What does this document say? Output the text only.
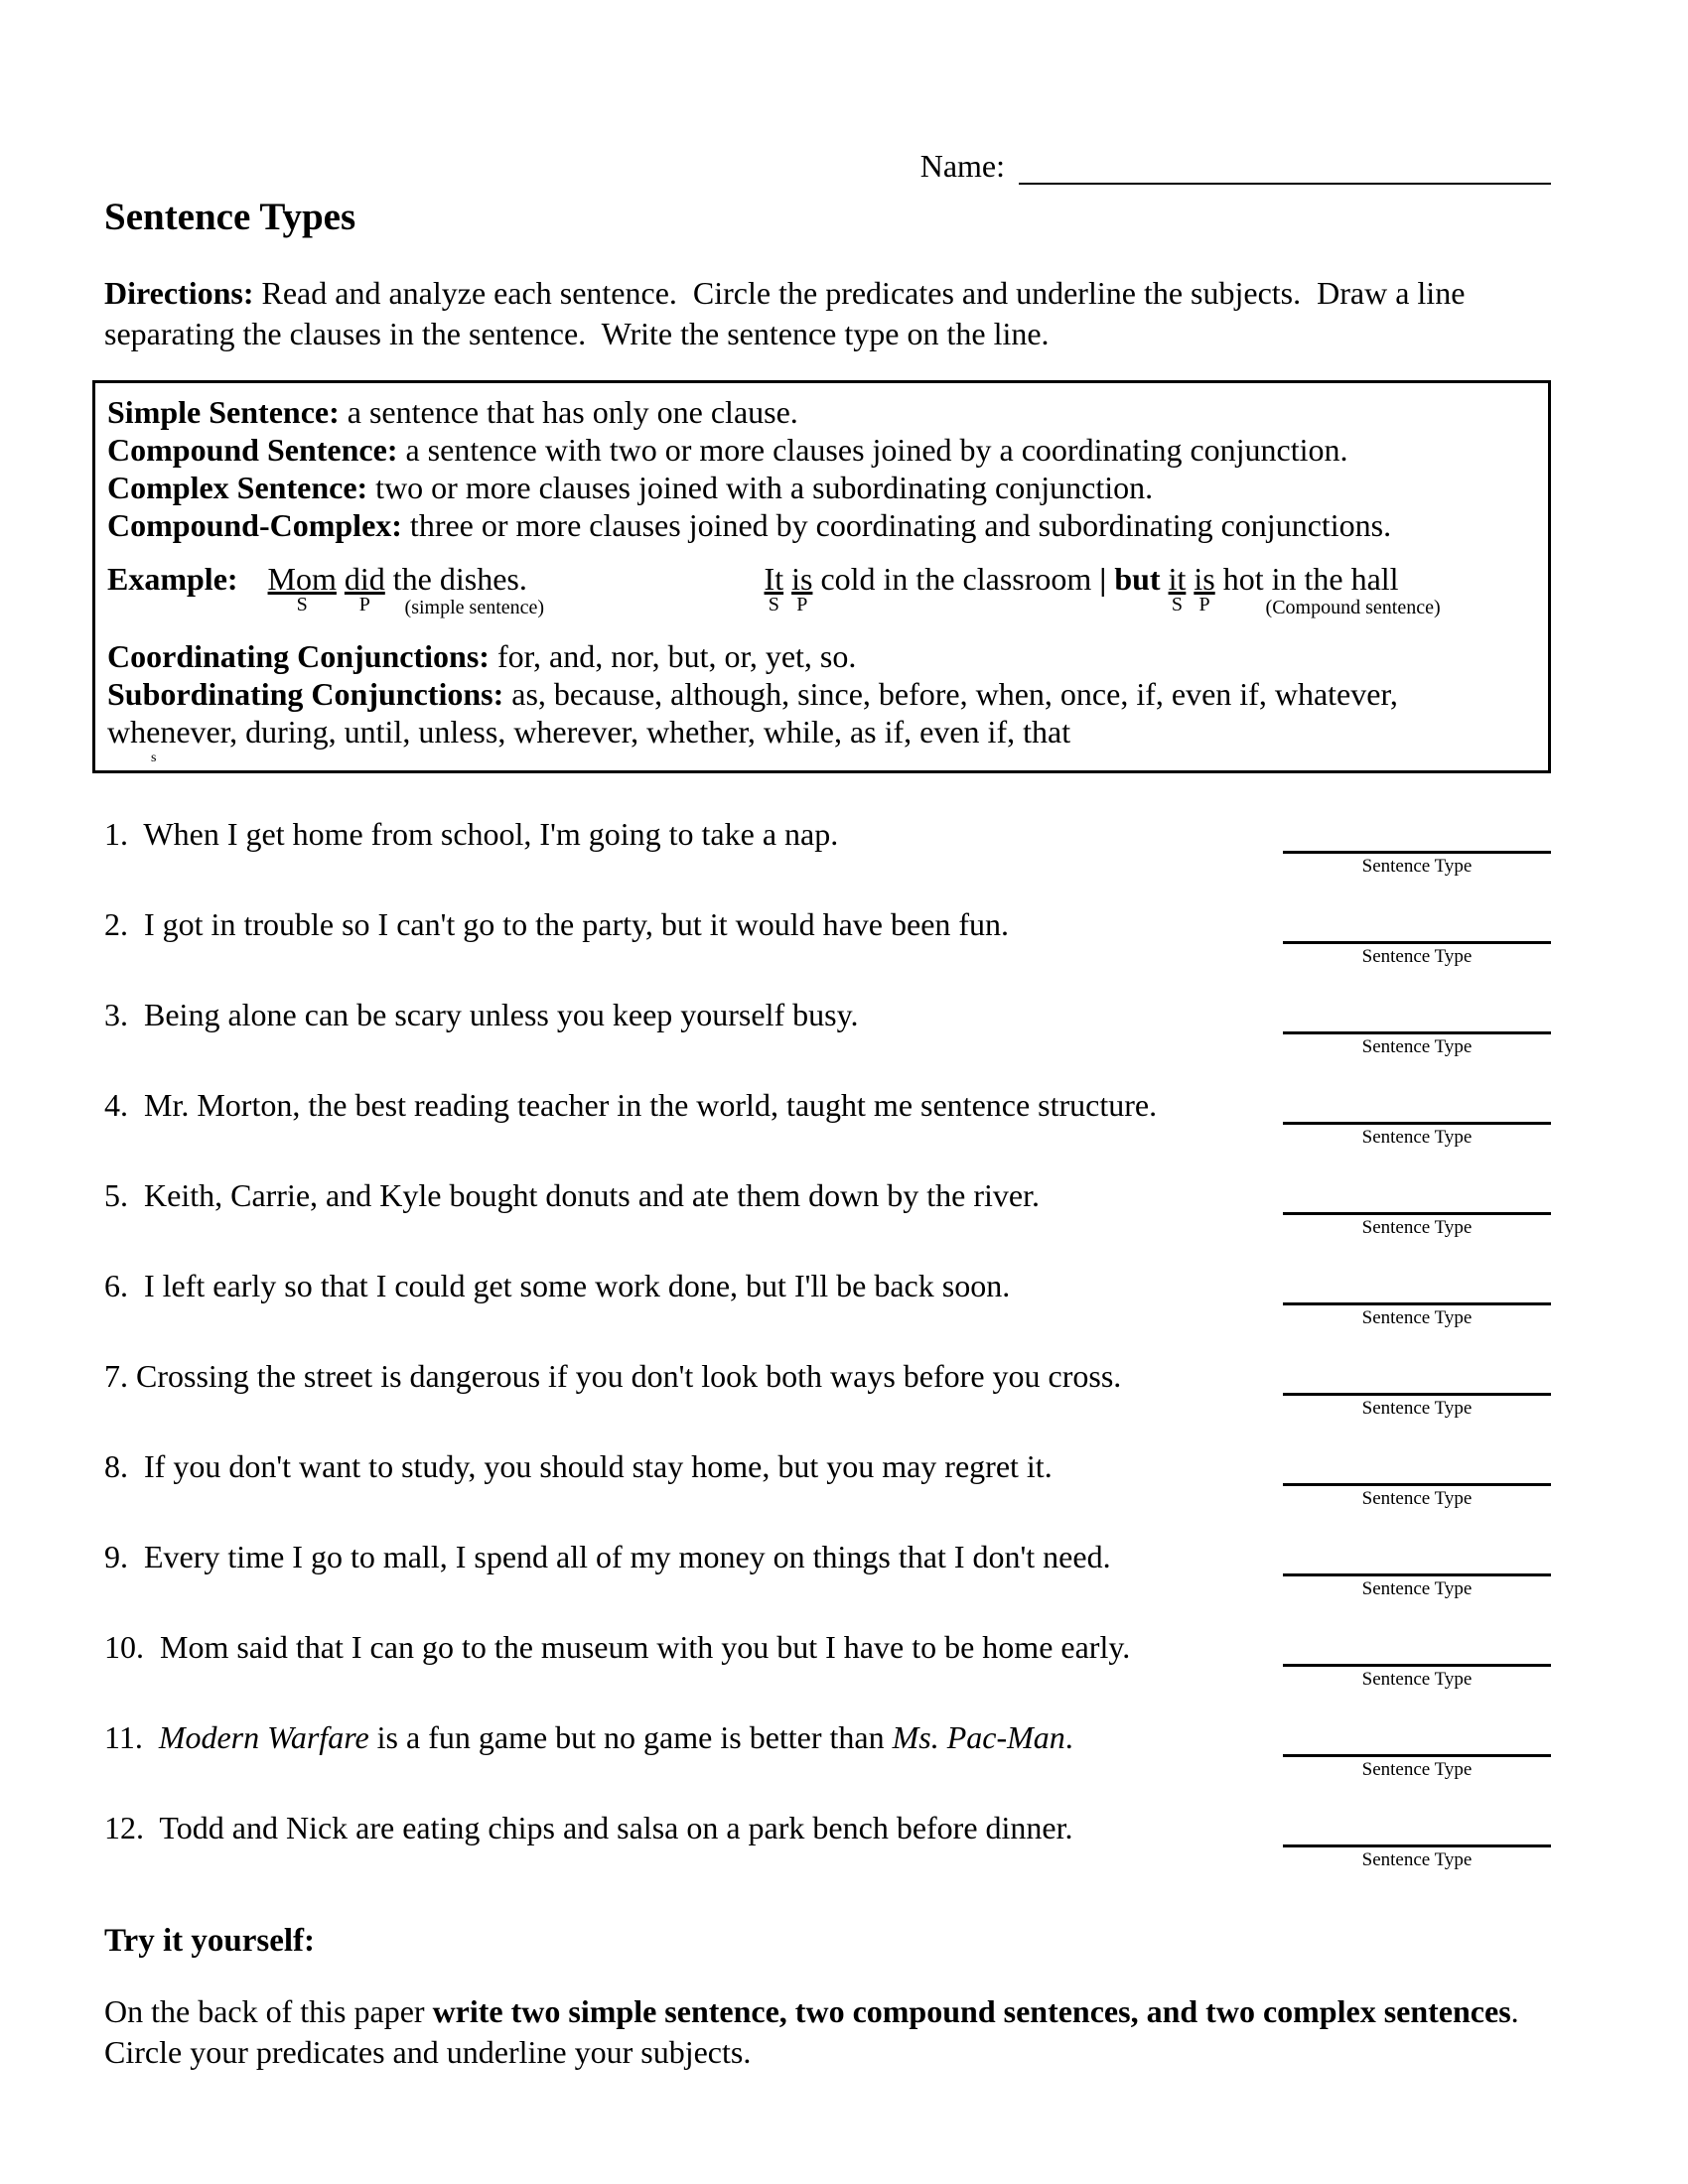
Name:
Sentence Types

Directions: Read and analyze each sentence.  Circle the predicates and underline the subjects.  Draw a line separating the clauses in the sentence.  Write the sentence type on the line.

Simple Sentence: a sentence that has only one clause.
Compound Sentence: a sentence with two or more clauses joined by a coordinating conjunction.
Complex Sentence: two or more clauses joined with a subordinating conjunction.
Compound-Complex: three or more clauses joined by coordinating and subordinating conjunctions.
Example: Mom
S
did
P
the dishes.
(simple sentence)
It
S
is
P
cold in the classroom | but it
S
is
P
hot in the hall
(Compound sentence)
Coordinating Conjunctions: for, and, nor, but, or, yet, so.
Subordinating Conjunctions: as, because, although, since, before, when, once, if, even if, whatever, whenever, during, until, unless, wherever, whether, while, as if, even if, that
s
1.  When I get home from school, I'm going to take a nap.
Sentence Type
2.  I got in trouble so I can't go to the party, but it would have been fun.
Sentence Type
3.  Being alone can be scary unless you keep yourself busy.
Sentence Type
4.  Mr. Morton, the best reading teacher in the world, taught me sentence structure.
Sentence Type
5.  Keith, Carrie, and Kyle bought donuts and ate them down by the river.
Sentence Type
6.  I left early so that I could get some work done, but I'll be back soon.
Sentence Type
7. Crossing the street is dangerous if you don't look both ways before you cross.
Sentence Type
8.  If you don't want to study, you should stay home, but you may regret it.
Sentence Type
9.  Every time I go to mall, I spend all of my money on things that I don't need.
Sentence Type
10.  Mom said that I can go to the museum with you but I have to be home early.
Sentence Type
11.  Modern Warfare is a fun game but no game is better than Ms. Pac-Man.
Sentence Type
12.  Todd and Nick are eating chips and salsa on a park bench before dinner.
Sentence Type
Try it yourself:

On the back of this paper write two simple sentence, two compound sentences, and two complex sentences.  Circle your predicates and underline your subjects.
